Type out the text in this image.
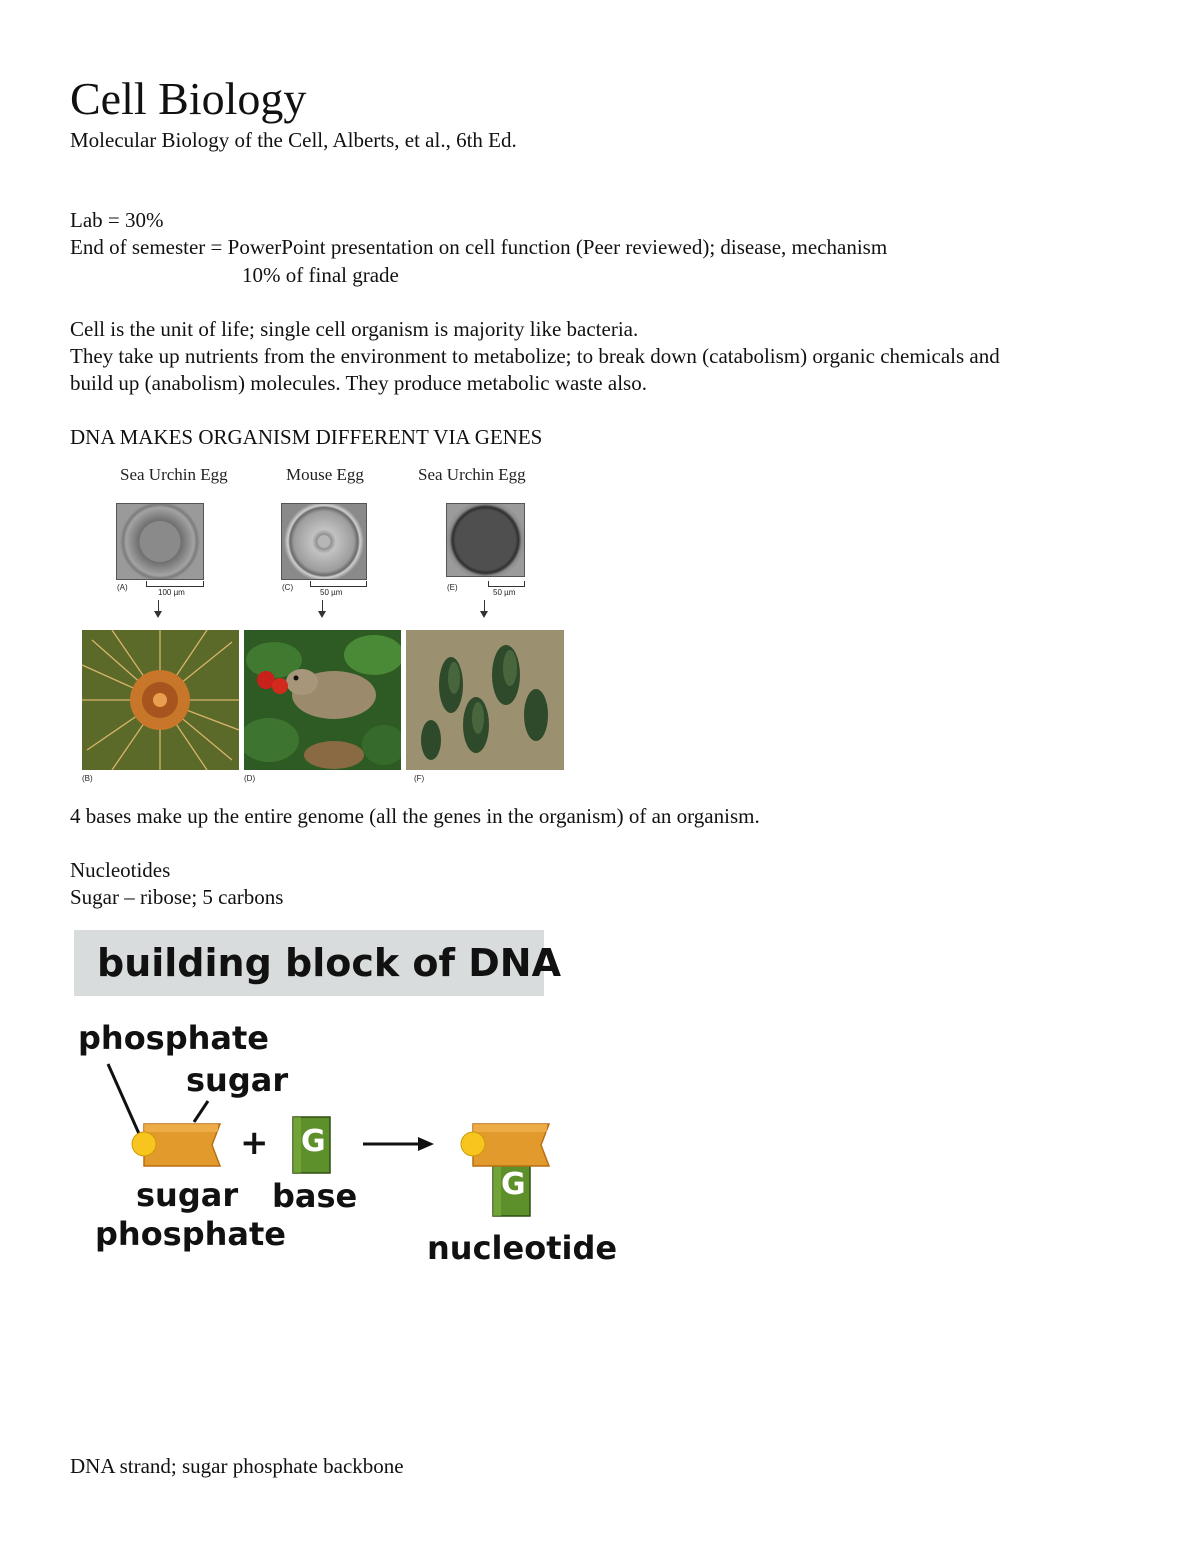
Cell Biology
Molecular Biology of the Cell, Alberts, et al., 6th Ed.
Lab = 30%
End of semester = PowerPoint presentation on cell function (Peer reviewed); disease, mechanism
10% of final grade
Cell is the unit of life; single cell organism is majority like bacteria.
They take up nutrients from the environment to metabolize; to break down (catabolism) organic chemicals and
build up (anabolism) molecules. They produce metabolic waste also.
DNA MAKES ORGANISM DIFFERENT VIA GENES
Sea Urchin Egg	Mouse Egg	Sea Urchin Egg
(A)
100 µm
(C)
50 µm
(E)
50 µm
(B)	(D)	(F)
4 bases make up the entire genome (all the genes in the organism) of an organism.
Nucleotides
Sugar – ribose; 5 carbons
building block of DNA
phosphate
sugar
+ G
G
sugar
phosphate
base
nucleotide
DNA strand; sugar phosphate backbone
